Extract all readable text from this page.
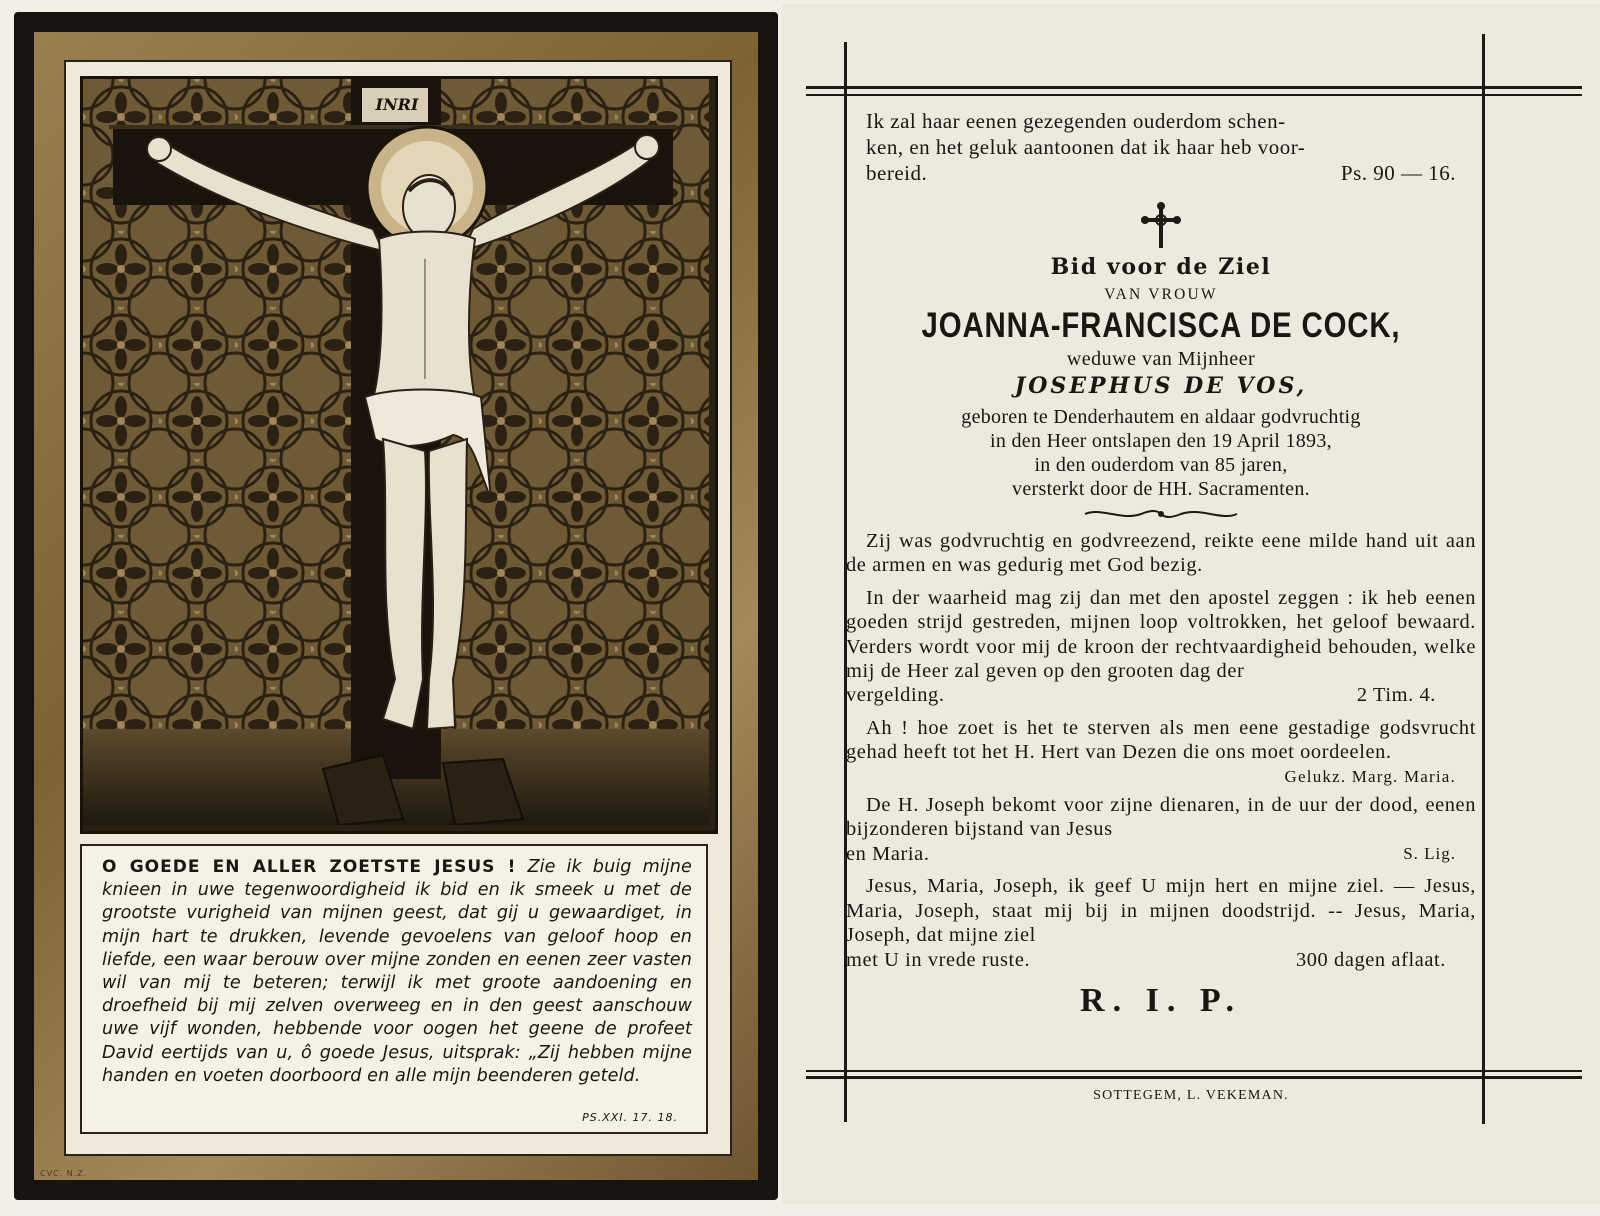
INRI
O GOEDE EN ALLER ZOETSTE JESUS ! Zie ik buig mijne knieen in uwe tegenwoordigheid ik bid en ik smeek u met de grootste vurigheid van mijnen geest, dat gij u gewaardiget, in mijn hart te drukken, levende gevoelens van geloof hoop en liefde, een waar berouw over mijne zonden en eenen zeer vasten wil van mij te beteren; terwijl ik met groote aandoening en droefheid bij mij zelven overweeg en in den geest aanschouw uwe vijf wonden, hebbende voor oogen het geene de profeet David eertijds van u, ô goede Jesus, uitsprak: „Zij hebben mijne handen en voeten doorboord en alle mijn beenderen geteld.
PS.XXI. 17. 18.
CVC. N.Z.
Ik zal haar eenen gezegenden ouderdom schen-
ken, en het geluk aantoonen dat ik haar heb voor-
bereid.	Ps. 90 — 16.
Bid voor de Ziel
VAN VROUW
JOANNA-FRANCISCA DE COCK,
weduwe van Mijnheer
JOSEPHUS DE VOS,
geboren te Denderhautem en aldaar godvruchtig
in den Heer ontslapen den 19 April 1893,
in den ouderdom van 85 jaren,
versterkt door de HH. Sacramenten.
Zij was godvruchtig en godvreezend, reikte eene milde hand uit aan de armen en was gedurig met God bezig.
In der waarheid mag zij dan met den apostel zeggen : ik heb eenen goeden strijd gestreden, mijnen loop voltrokken, het geloof bewaard. Verders wordt voor mij de kroon der rechtvaardigheid behouden, welke mij de Heer zal geven op den grooten dag der
vergelding.	2 Tim. 4.
Ah ! hoe zoet is het te sterven als men eene gestadige godsvrucht gehad heeft tot het H. Hert van Dezen die ons moet oordeelen.
Gelukz. Marg. Maria.
De H. Joseph bekomt voor zijne dienaren, in de uur der dood, eenen bijzonderen bijstand van Jesus
en Maria.	S. Lig.
Jesus, Maria, Joseph, ik geef U mijn hert en mijne ziel. — Jesus, Maria, Joseph, staat mij bij in mijnen doodstrijd. -- Jesus, Maria, Joseph, dat mijne ziel
met U in vrede ruste.	300 dagen aflaat.
R. I. P.
SOTTEGEM, L. VEKEMAN.
